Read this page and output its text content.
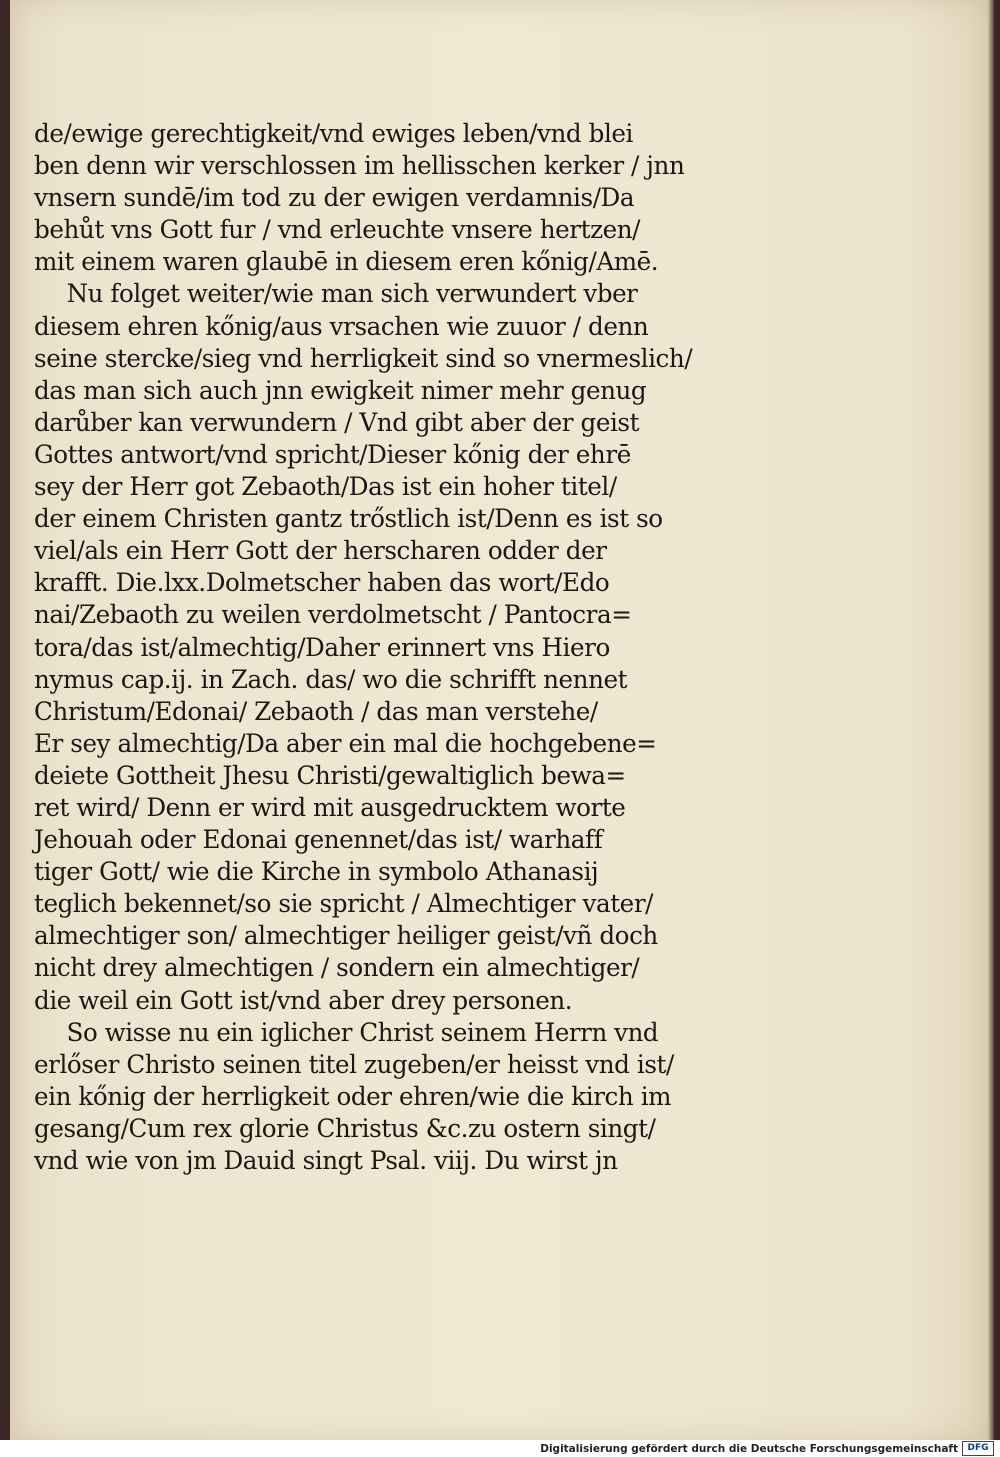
de/ewige gerechtigkeit/vnd ewiges leben/vnd blei
ben denn wir verschlossen im hellisschen kerker / jnn
vnsern sundē/im tod zu der ewigen verdamnis/Da
behůt vns Gott fur / vnd erleuchte vnsere hertzen/
mit einem waren glaubē in diesem eren kőnig/Amē.
Nu folget weiter/wie man sich verwundert vber
diesem ehren kőnig/aus vrsachen wie zuuor / denn
seine stercke/sieg vnd herrligkeit sind so vnermeslich/
das man sich auch jnn ewigkeit nimer mehr genug
darůber kan verwundern / Vnd gibt aber der geist
Gottes antwort/vnd spricht/Dieser kőnig der ehrē
sey der Herr got Zebaoth/Das ist ein hoher titel/
der einem Christen gantz trőstlich ist/Denn es ist so
viel/als ein Herr Gott der herscharen odder der
krafft. Die.lxx.Dolmetscher haben das wort/Edo
nai/Zebaoth zu weilen verdolmetscht / Pantocra=
tora/das ist/almechtig/Daher erinnert vns Hiero
nymus cap.ij. in Zach. das/ wo die schrifft nennet
Christum/Edonai/ Zebaoth / das man verstehe/
Er sey almechtig/Da aber ein mal die hochgebene=
deiete Gottheit Jhesu Christi/gewaltiglich bewa=
ret wird/ Denn er wird mit ausgedrucktem worte
Jehouah oder Edonai genennet/das ist/ warhaff
tiger Gott/ wie die Kirche in symbolo Athanasij
teglich bekennet/so sie spricht / Almechtiger vater/
almechtiger son/ almechtiger heiliger geist/vñ doch
nicht drey almechtigen / sondern ein almechtiger/
die weil ein Gott ist/vnd aber drey personen.
So wisse nu ein iglicher Christ seinem Herrn vnd
erlőser Christo seinen titel zugeben/er heisst vnd ist/
ein kőnig der herrligkeit oder ehren/wie die kirch im
gesang/Cum rex glorie Christus &c.zu ostern singt/
vnd wie von jm Dauid singt Psal. viij. Du wirst jn
Digitalisierung gefördert durch die Deutsche Forschungsgemeinschaft	DFG
